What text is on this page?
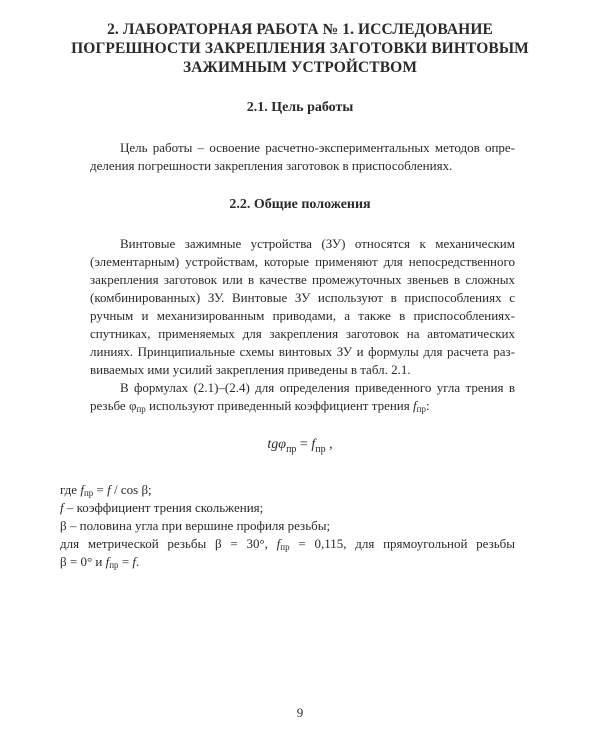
2. ЛАБОРАТОРНАЯ РАБОТА № 1. ИССЛЕДОВАНИЕ
ПОГРЕШНОСТИ ЗАКРЕПЛЕНИЯ ЗАГОТОВКИ ВИНТОВЫМ
ЗАЖИМНЫМ УСТРОЙСТВОМ
2.1. Цель работы
Цель работы – освоение расчетно-экспериментальных методов опре-
деления погрешности закрепления заготовок в приспособлениях.
2.2. Общие положения
Винтовые зажимные устройства (ЗУ) относятся к механическим
(элементарным) устройствам, которые применяют для непосредственного
закрепления заготовок или в качестве промежуточных звеньев в сложных
(комбинированных) ЗУ. Винтовые ЗУ используют в приспособлениях с
ручным и механизированным приводами, а также в приспособлениях-
спутниках, применяемых для закрепления заготовок на автоматических
линиях. Принципиальные схемы винтовых ЗУ и формулы для расчета раз-
виваемых ими усилий закрепления приведены в табл. 2.1.
В формулах (2.1)–(2.4) для определения приведенного угла трения в
резьбе $\varphi_{пр}$ используют приведенный коэффициент трения $f_{пр}$:
$tg\varphi_{пр} = f_{пр}$ ,
где $f_{пр} = f / \cos \beta$;
f – коэффициент трения скольжения;
β – половина угла при вершине профиля резьбы;
для метрической резьбы β = 30°, $f_{пр} = 0,115$, для прямоугольной резьбы
β = 0° и $f_{пр} = f$.
9
